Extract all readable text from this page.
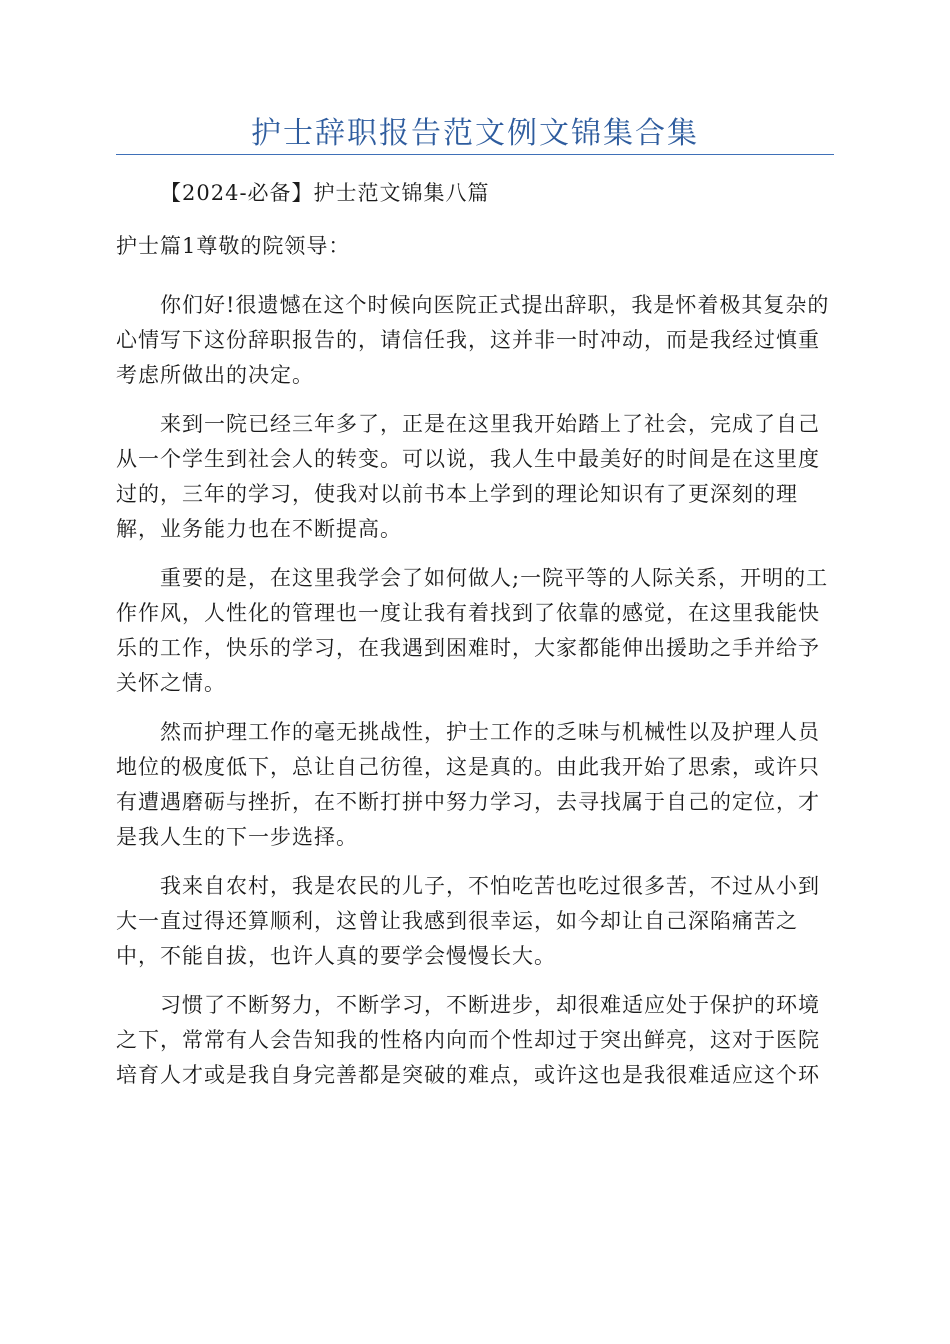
护士辞职报告范文例文锦集合集

【2024-必备】护士范文锦集八篇

护士篇1尊敬的院领导：

你们好!很遗憾在这个时候向医院正式提出辞职，我是怀着极其复杂的心情写下这份辞职报告的，请信任我，这并非一时冲动，而是我经过慎重考虑所做出的决定。

来到一院已经三年多了，正是在这里我开始踏上了社会，完成了自己从一个学生到社会人的转变。可以说，我人生中最美好的时间是在这里度过的，三年的学习，使我对以前书本上学到的理论知识有了更深刻的理解，业务能力也在不断提高。

重要的是，在这里我学会了如何做人;一院平等的人际关系，开明的工作作风，人性化的管理也一度让我有着找到了依靠的感觉，在这里我能快乐的工作，快乐的学习，在我遇到困难时，大家都能伸出援助之手并给予关怀之情。

然而护理工作的毫无挑战性，护士工作的乏味与机械性以及护理人员地位的极度低下，总让自己彷徨，这是真的。由此我开始了思索，或许只有遭遇磨砺与挫折，在不断打拼中努力学习，去寻找属于自己的定位，才是我人生的下一步选择。

我来自农村，我是农民的儿子，不怕吃苦也吃过很多苦，不过从小到大一直过得还算顺利，这曾让我感到很幸运，如今却让自己深陷痛苦之中，不能自拔，也许人真的要学会慢慢长大。

习惯了不断努力，不断学习，不断进步，却很难适应处于保护的环境之下，常常有人会告知我的性格内向而个性却过于突出鲜亮，这对于医院培育人才或是我自身完善都是突破的难点，或许这也是我很难适应这个环
